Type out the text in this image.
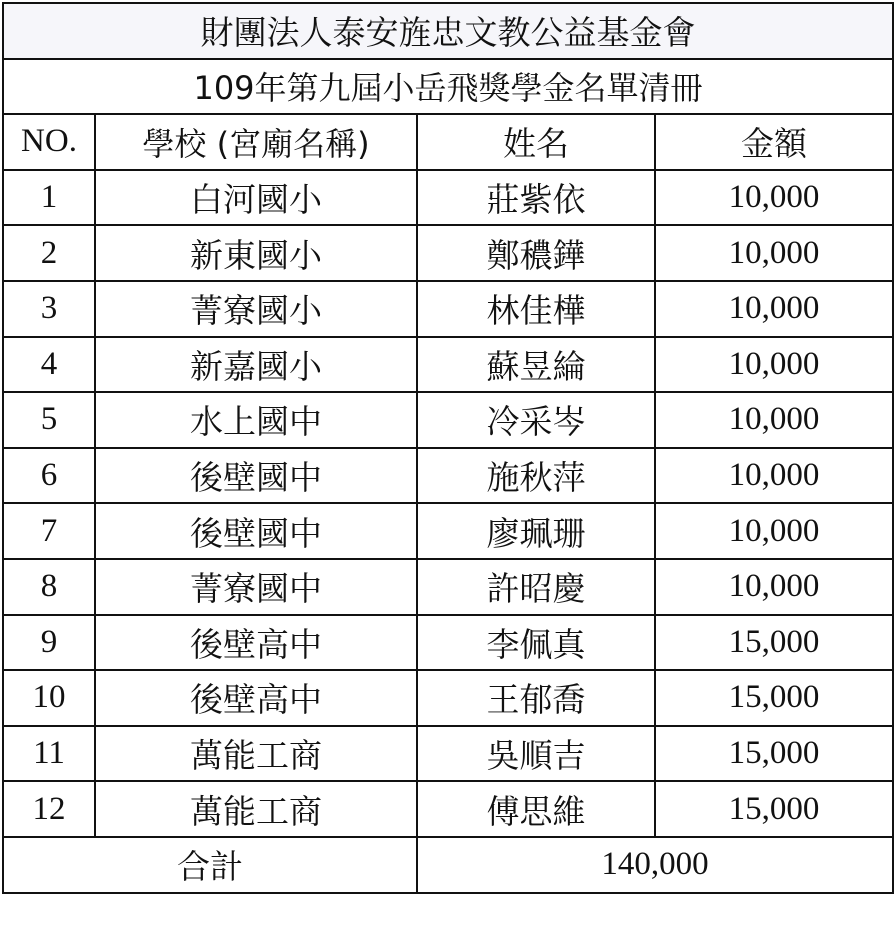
財團法人泰安旌忠文教公益基金會			
109年第九屆小岳飛獎學金名單清冊			
NO.	學校 (宮廟名稱)	姓名	金額
1	白河國小	莊紫依	10,000
2	新東國小	鄭穠鏵	10,000
3	菁寮國小	林佳樺	10,000
4	新嘉國小	蘇昱綸	10,000
5	水上國中	冷采岑	10,000
6	後壁國中	施秋萍	10,000
7	後壁國中	廖珮珊	10,000
8	菁寮國中	許昭慶	10,000
9	後壁高中	李佩真	15,000
10	後壁高中	王郁喬	15,000
11	萬能工商	吳順吉	15,000
12	萬能工商	傅思維	15,000
合計		140,000	
